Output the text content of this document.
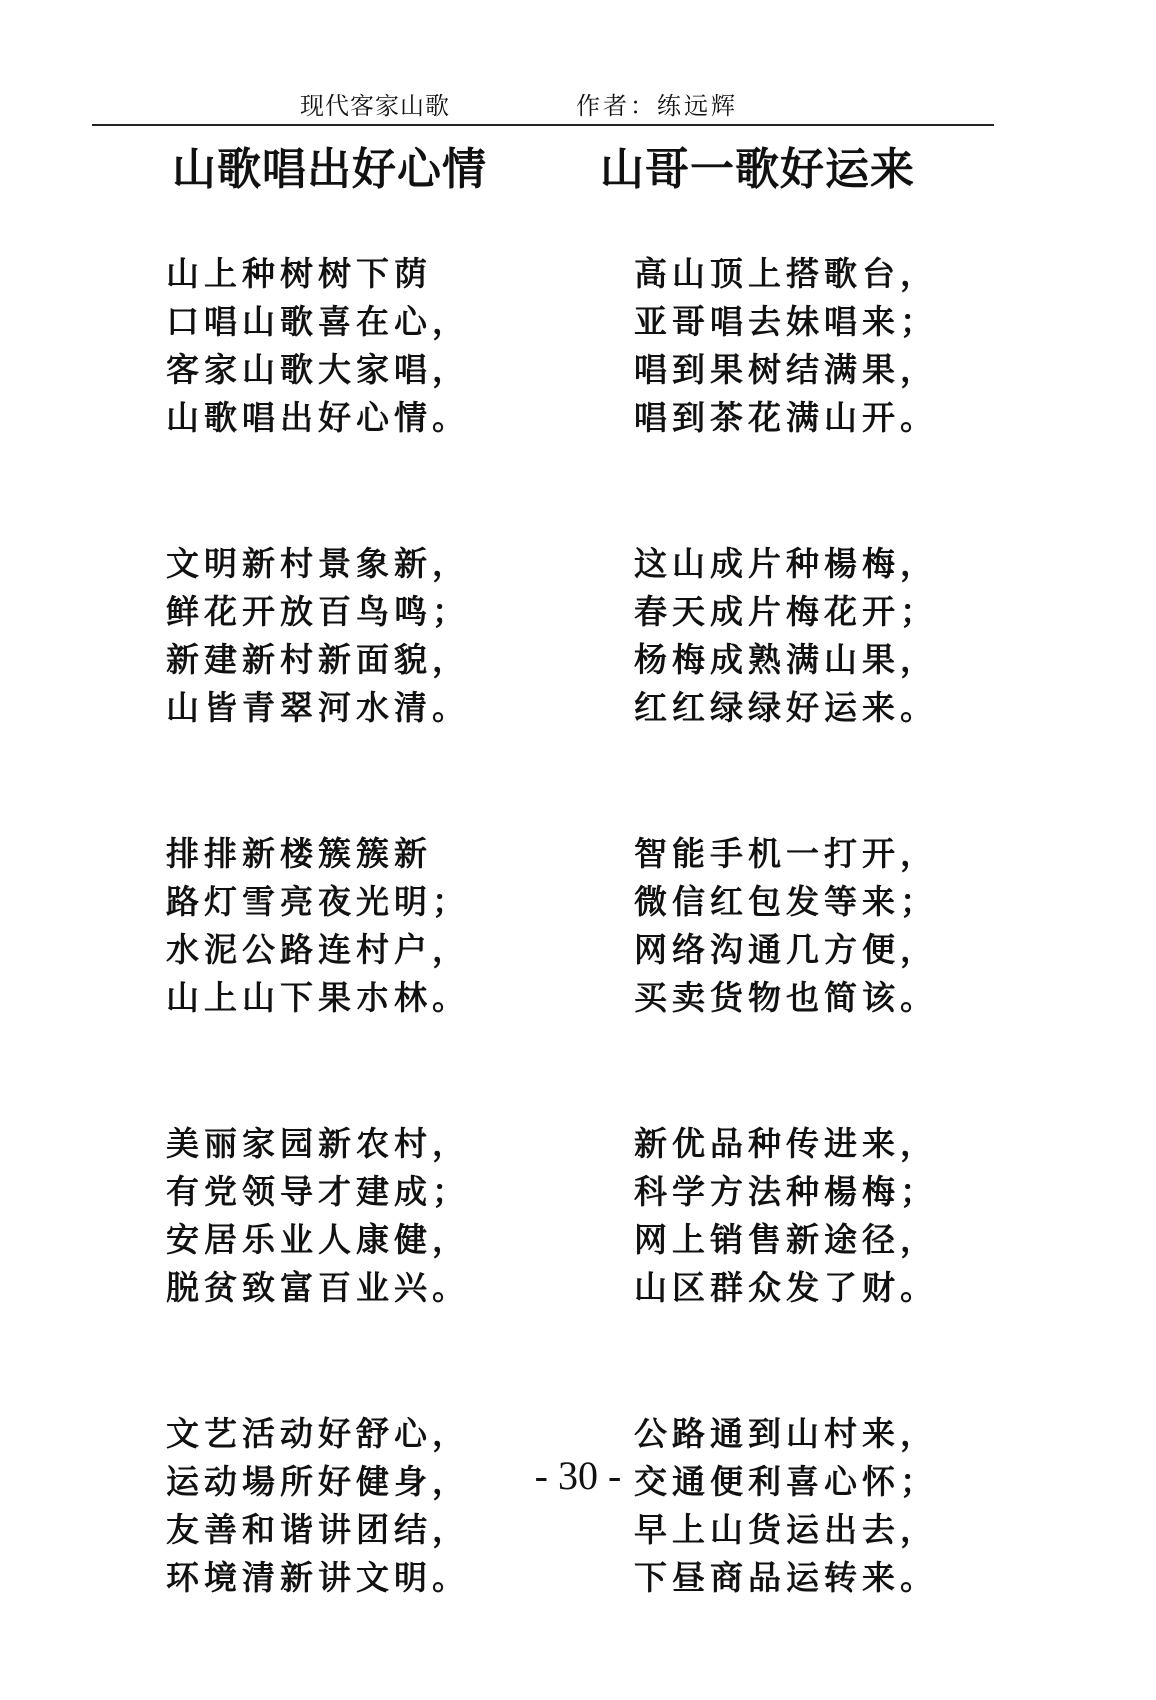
现代客家山歌	作者：练远辉
山歌唱出好心情	山哥一歌好运来
山上种树树下荫
口唱山歌喜在心，
客家山歌大家唱，
山歌唱出好心情。
文明新村景象新，
鲜花开放百鸟鸣；
新建新村新面貌，
山皆青翠河水清。
排排新楼簇簇新
路灯雪亮夜光明；
水泥公路连村户，
山上山下果朩林。
美丽家园新农村，
有党领导才建成；
安居乐业人康健，
脱贫致富百业兴。
文艺活动好舒心，
运动場所好健身，
友善和谐讲团结，
环境清新讲文明。
高山顶上搭歌台，
亚哥唱去妹唱来；
唱到果树结满果，
唱到茶花满山开。
这山成片种楊梅，
春天成片梅花开；
杨梅成熟满山果，
红红绿绿好运来。
智能手机一打开，
微信红包发等来；
网络沟通几方便，
买卖货物也简该。
新优品种传进来，
科学方法种楊梅；
网上销售新途径，
山区群众发了财。
公路通到山村来，
交通便利喜心怀；
早上山货运出去，
下昼商品运转来。
- 30 -
